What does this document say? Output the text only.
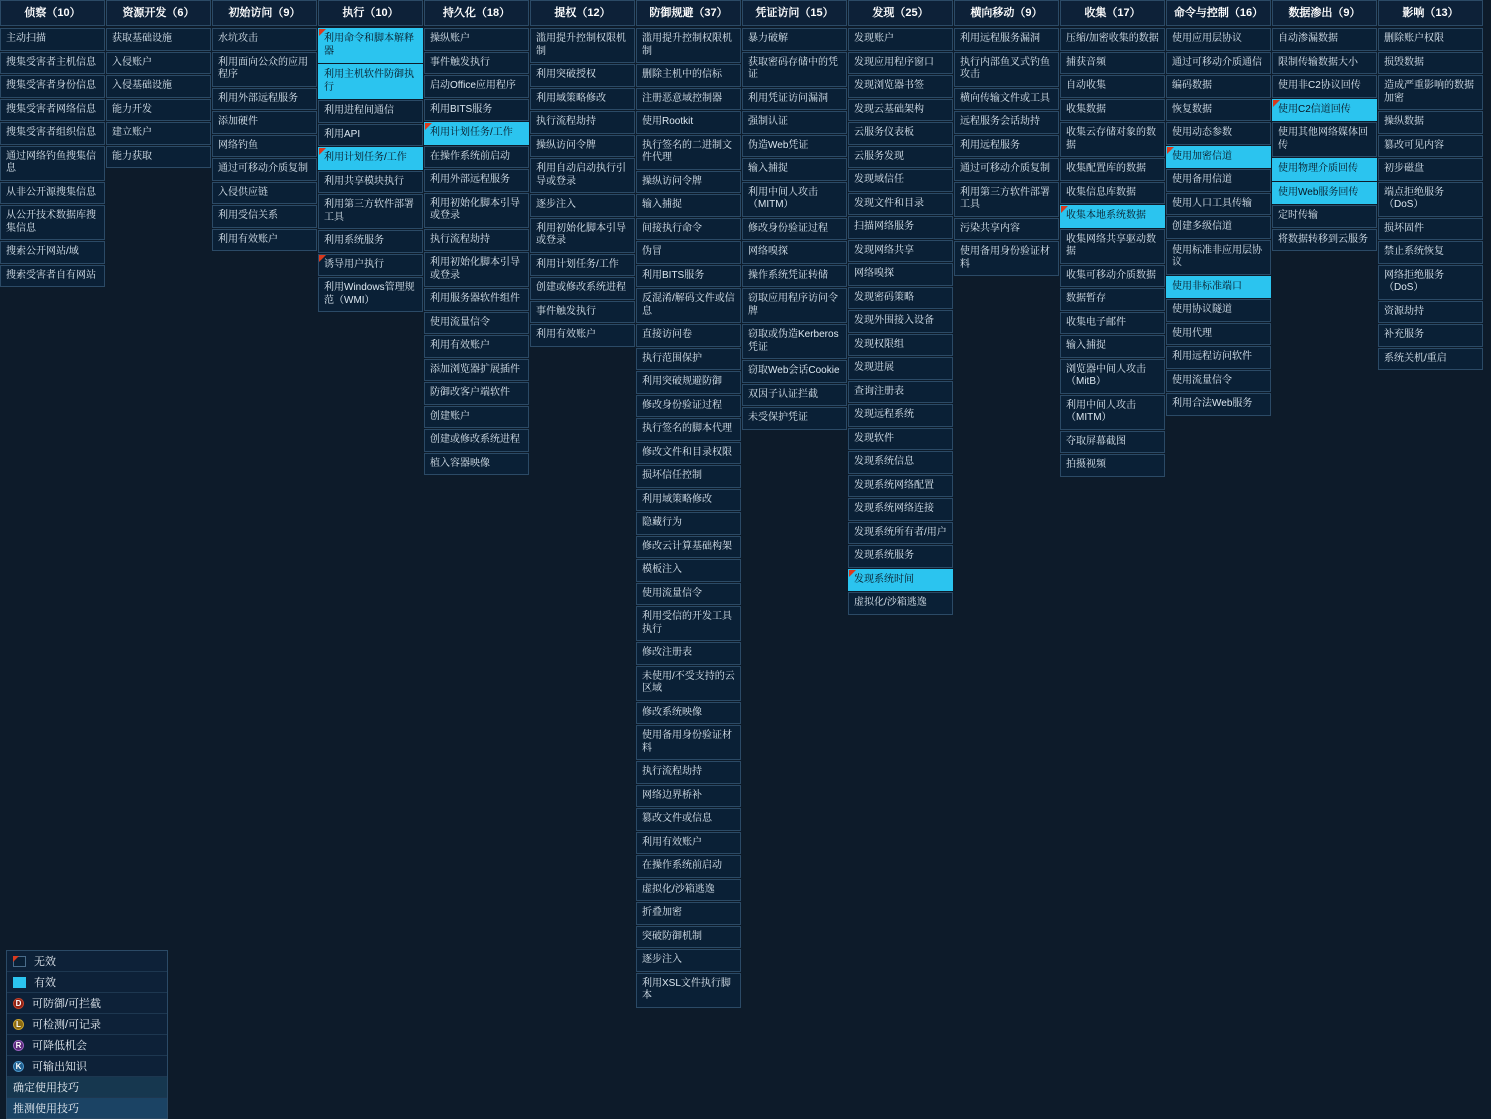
侦察（10）
主动扫描
搜集受害者主机信息
搜集受害者身份信息
搜集受害者网络信息
搜集受害者组织信息
通过网络钓鱼搜集信息
从非公开源搜集信息
从公开技术数据库搜集信息
搜索公开网站/域
搜索受害者自有网站
资源开发（6）
获取基础设施
入侵账户
入侵基础设施
能力开发
建立账户
能力获取
初始访问（9）
水坑攻击
利用面向公众的应用程序
利用外部远程服务
添加硬件
网络钓鱼
通过可移动介质复制
入侵供应链
利用受信关系
利用有效账户
执行（10）
利用命令和脚本解释器
利用主机软件防御执行
利用进程间通信
利用API
利用计划任务/工作
利用共享模块执行
利用第三方软件部署工具
利用系统服务
诱导用户执行
利用Windows管理规范（WMI）
持久化（18）
操纵账户
事件触发执行
启动Office应用程序
利用BITS服务
利用计划任务/工作
在操作系统前启动
利用外部远程服务
利用初始化脚本引导或登录
执行流程劫持
利用初始化脚本引导或登录
利用服务器软件组件
使用流量信令
利用有效账户
添加浏览器扩展插件
防御改客户端软件
创建账户
创建或修改系统进程
植入容器映像
提权（12）
滥用提升控制权限机制
利用突破授权
利用域策略修改
执行流程劫持
操纵访问令牌
利用自动启动执行引导或登录
逐步注入
利用初始化脚本引导或登录
利用计划任务/工作
创建或修改系统进程
事件触发执行
利用有效账户
防御规避（37）
滥用提升控制权限机制
删除主机中的信标
注册恶意域控制器
使用Rootkit
执行签名的二进制文件代理
操纵访问令牌
输入捕捉
间接执行命令
伪冒
利用BITS服务
反混淆/解码文件或信息
直接访问卷
执行范围保护
利用突破规避防御
修改身份验证过程
执行签名的脚本代理
修改文件和目录权限
损坏信任控制
利用域策略修改
隐藏行为
修改云计算基础构架
模板注入
使用流量信令
利用受信的开发工具执行
修改注册表
未使用/不受支持的云区域
修改系统映像
使用备用身份验证材料
执行流程劫持
网络边界桥补
篡改文件或信息
利用有效账户
在操作系统前启动
虚拟化/沙箱逃逸
折叠加密
突破防御机制
逐步注入
利用XSL文件执行脚本
凭证访问（15）
暴力破解
获取密码存储中的凭证
利用凭证访问漏洞
强制认证
伪造Web凭证
输入捕捉
利用中间人攻击（MITM）
修改身份验证过程
网络嗅探
操作系统凭证转储
窃取应用程序访问令牌
窃取或伪造Kerberos凭证
窃取Web会话Cookie
双因子认证拦截
未受保护凭证
发现（25）
发现账户
发现应用程序窗口
发现浏览器书签
发现云基础架构
云服务仪表板
云服务发现
发现域信任
发现文件和目录
扫描网络服务
发现网络共享
网络嗅探
发现密码策略
发现外围接入设备
发现权限组
发现进展
查询注册表
发现远程系统
发现软件
发现系统信息
发现系统网络配置
发现系统网络连接
发现系统所有者/用户
发现系统服务
发现系统时间
虚拟化/沙箱逃逸
横向移动（9）
利用远程服务漏洞
执行内部鱼叉式钓鱼攻击
横向传输文件或工具
远程服务会话劫持
利用远程服务
通过可移动介质复制
利用第三方软件部署工具
污染共享内容
使用备用身份验证材料
收集（17）
压缩/加密收集的数据
捕获音频
自动收集
收集数据
收集云存储对象的数据
收集配置库的数据
收集信息库数据
收集本地系统数据
收集网络共享驱动数据
收集可移动介质数据
数据暂存
收集电子邮件
输入捕捉
浏览器中间人攻击（MitB）
利用中间人攻击（MITM）
夺取屏幕截图
拍摄视频
命令与控制（16）
使用应用层协议
通过可移动介质通信
编码数据
恢复数据
使用动态参数
使用加密信道
使用备用信道
使用人口工具传输
创建多级信道
使用标准非应用层协议
使用非标准端口
使用协议隧道
使用代理
利用远程访问软件
使用流量信令
利用合法Web服务
数据渗出（9）
自动渗漏数据
限制传输数据大小
使用非C2协议回传
使用C2信道回传
使用其他网络媒体回传
使用物理介质回传
使用Web服务回传
定时传输
将数据转移到云服务
影响（13）
删除账户权限
损毁数据
造成严重影响的数据加密
操纵数据
篡改可见内容
初步磁盘
端点拒绝服务（DoS）
损坏固件
禁止系统恢复
网络拒绝服务（DoS）
资源劫持
补充服务
系统关机/重启
无效
有效
D 可防御/可拦截
L 可检测/可记录
R 可降低机会
K 可输出知识
确定使用技巧
推测使用技巧
